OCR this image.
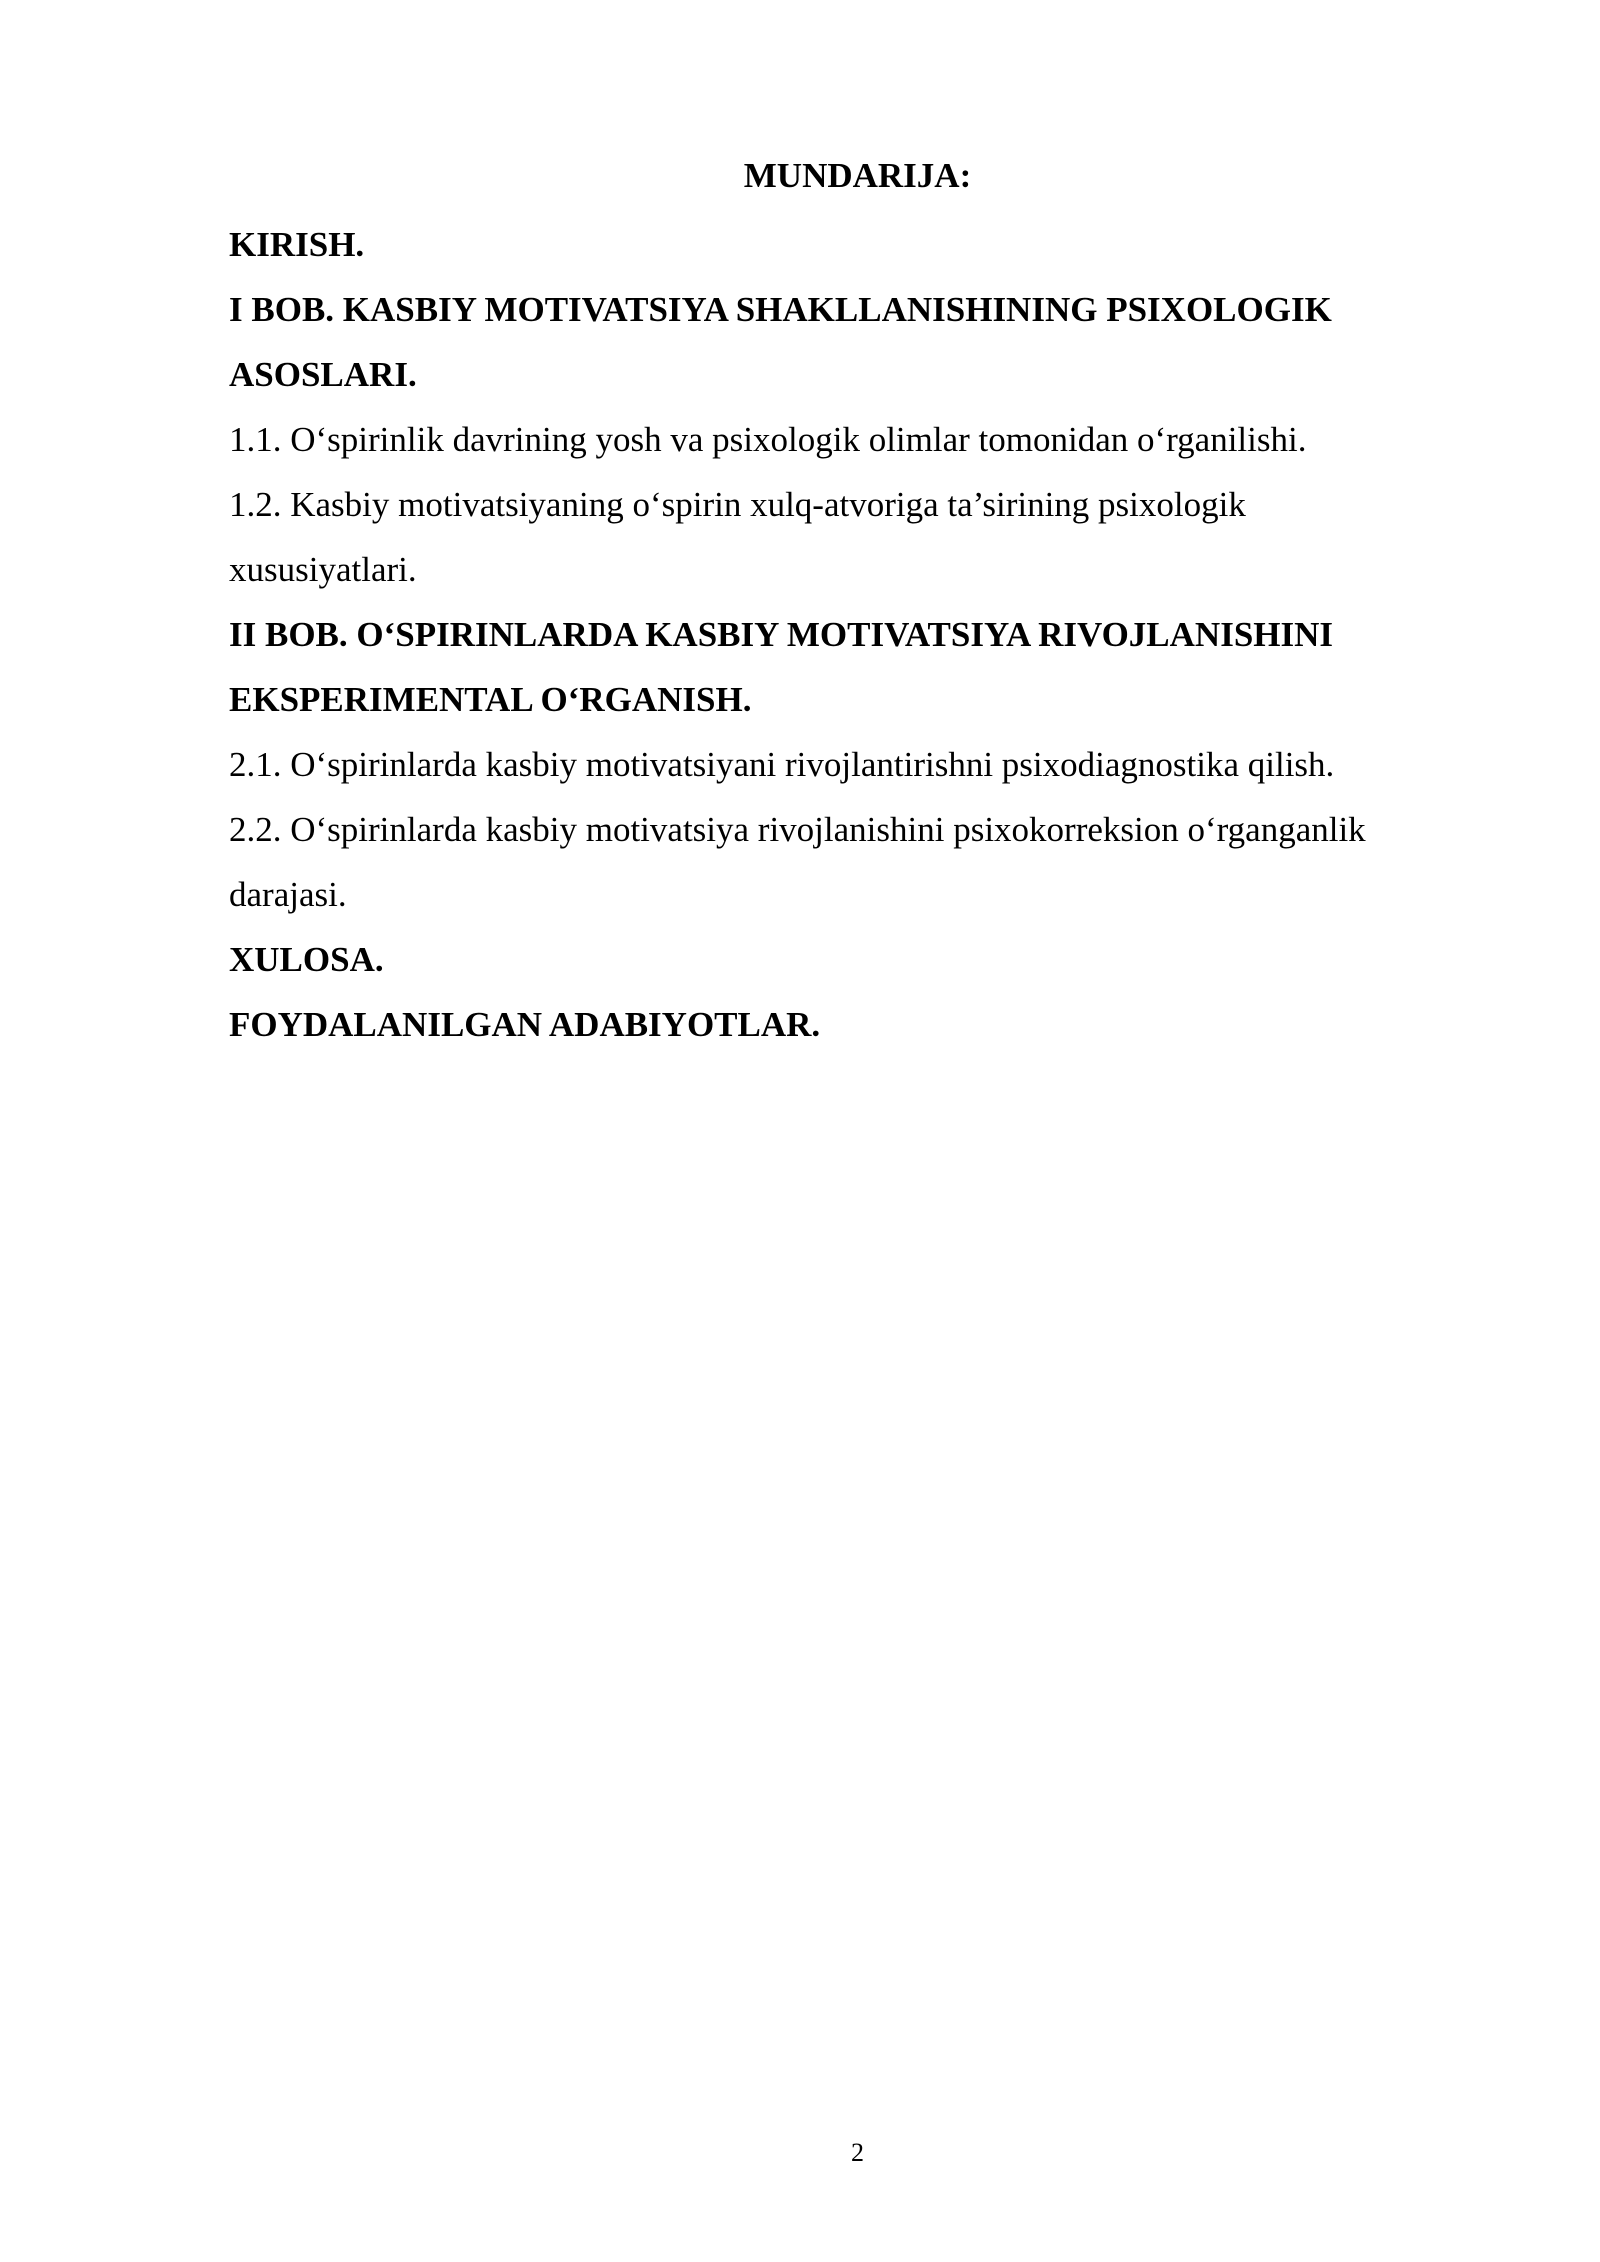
MUNDARIJA:
KIRISH.
I BOB. KASBIY MOTIVATSIYA SHAKLLANISHINING PSIXOLOGIK
ASOSLARI.
1.1. O‘spirinlik davrining yosh va psixologik olimlar tomonidan o‘rganilishi.
1.2. Kasbiy motivatsiyaning o‘spirin xulq-atvoriga ta’sirining psixologik
xususiyatlari.
II BOB. O‘SPIRINLARDA KASBIY MOTIVATSIYA RIVOJLANISHINI
EKSPERIMENTAL O‘RGANISH.
2.1. O‘spirinlarda kasbiy motivatsiyani rivojlantirishni psixodiagnostika qilish.
2.2. O‘spirinlarda kasbiy motivatsiya rivojlanishini psixokorreksion o‘rganganlik
darajasi.
XULOSA.
FOYDALANILGAN ADABIYOTLAR.
2
